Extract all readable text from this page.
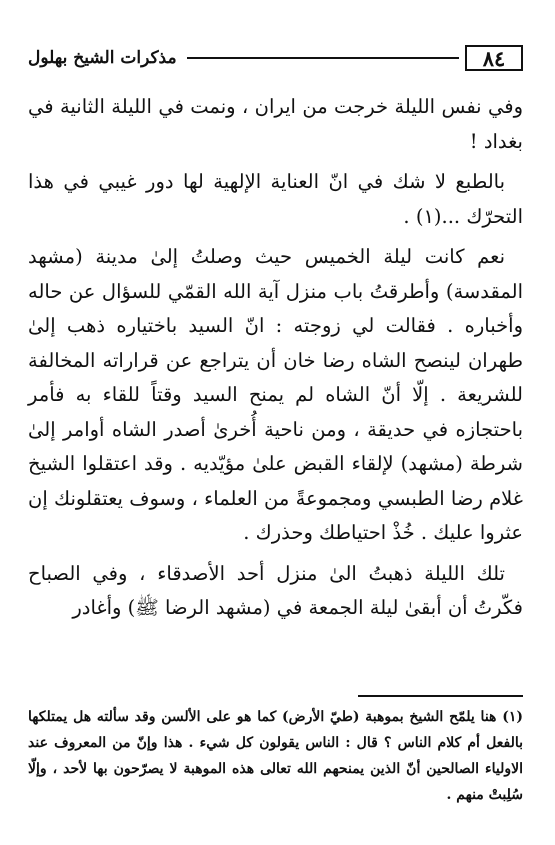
٨٤
مذكرات الشيخ بهلول

وفي نفس الليلة خرجت من ايران ، ونمت في الليلة الثانية في بغداد !

بالطبع لا شك في انّ العناية الإلهية لها دور غيبي في هذا التحرّك ...(١) .

نعم كانت ليلة الخميس حيث وصلتُ إلىٰ مدينة (مشهد المقدسة) وأطرقتُ باب منزل آية الله القمّي للسؤال عن حاله وأخباره . فقالت لي زوجته : انّ السيد باختياره ذهب إلىٰ طهران لينصح الشاه رضا خان أن يتراجع عن قراراته المخالفة للشريعة . إلّا أنّ الشاه لم يمنح السيد وقتاً للقاء به فأمر باحتجازه في حديقة ، ومن ناحية أُخرىٰ أصدر الشاه أوامر إلىٰ شرطة (مشهد) لإلقاء القبض علىٰ مؤيّديه . وقد اعتقلوا الشيخ غلام رضا الطبسي ومجموعةً من العلماء ، وسوف يعتقلونك إن عثروا عليك . خُذْ احتياطك وحذرك .

تلك الليلة ذهبتُ الىٰ منزل أحد الأصدقاء ، وفي الصباح فكّرتُ أن أبقىٰ ليلة الجمعة في (مشهد الرضا ﷺ) وأغادر

(١) هنا يلمّح الشيخ بموهبة (طيّ الأرض) كما هو على الألسن وقد سألته هل يمتلكها بالفعل أم كلام الناس ؟ قال : الناس يقولون كل شيء . هذا وإنّ من المعروف عند الاولياء الصالحين أنّ الذين يمنحهم الله تعالى هذه الموهبة لا يصرّحون بها لأحد ، وإلّا سُلِبتْ منهم .
